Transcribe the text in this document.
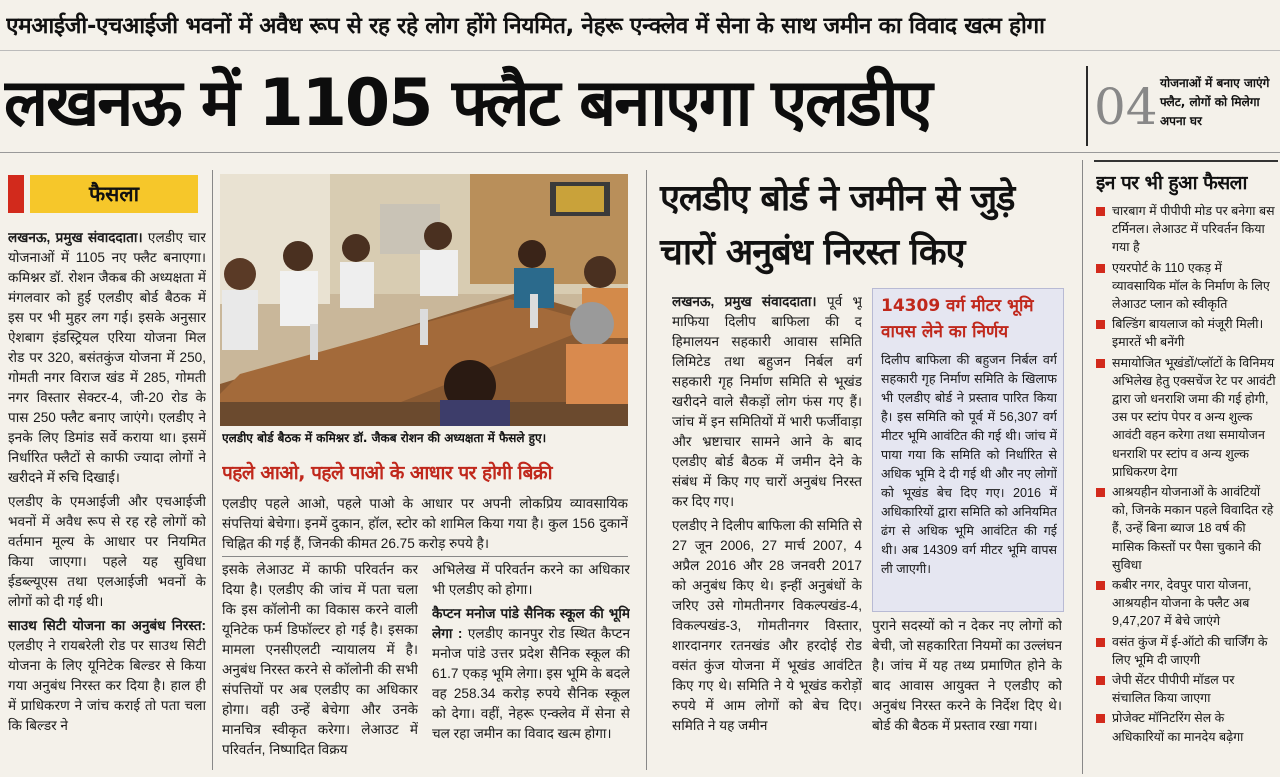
एमआईजी-एचआईजी भवनों में अवैध रूप से रह रहे लोग होंगे नियमित, नेहरू एन्क्लेव में सेना के साथ जमीन का विवाद खत्म होगा
लखनऊ में 1105 फ्लैट बनाएगा एलडीए	04 योजनाओं में बनाए जाएंगे फ्लैट, लोगों को मिलेगा अपना घर
फैसला
लखनऊ, प्रमुख संवाददाता। एलडीए चार योजनाओं में 1105 नए फ्लैट बनाएगा। कमिश्नर डॉ. रोशन जैकब की अध्यक्षता में मंगलवार को हुई एलडीए बोर्ड बैठक में इस पर भी मुहर लग गई। इसके अनुसार ऐशबाग इंडस्ट्रियल एरिया योजना मिल रोड पर 320, बसंतकुंज योजना में 250, गोमती नगर विराज खंड में 285, गोमती नगर विस्तार सेक्टर-4, जी-20 रोड के पास 250 फ्लैट बनाए जाएंगे। एलडीए ने इनके लिए डिमांड सर्वे कराया था। इसमें निर्धारित फ्लैटों से काफी ज्यादा लोगों ने खरीदने में रुचि दिखाई।
एलडीए के एमआईजी और एचआईजी भवनों में अवैध रूप से रह रहे लोगों को वर्तमान मूल्य के आधार पर नियमित किया जाएगा। पहले यह सुविधा ईडब्ल्यूएस तथा एलआईजी भवनों के लोगों को दी गई थी।
साउथ सिटी योजना का अनुबंध निरस्त: एलडीए ने रायबरेली रोड पर साउथ सिटी योजना के लिए यूनिटेक बिल्डर से किया गया अनुबंध निरस्त कर दिया है। हाल ही में प्राधिकरण ने जांच कराई तो पता चला कि बिल्डर ने
एलडीए बोर्ड बैठक में कमिश्नर डॉ. जैकब रोशन की अध्यक्षता में फैसले हुए।
पहले आओ, पहले पाओ के आधार पर होगी बिक्री
एलडीए पहले आओ, पहले पाओ के आधार पर अपनी लोकप्रिय व्यावसायिक संपत्तियां बेचेगा। इनमें दुकान, हॉल, स्टोर को शामिल किया गया है। कुल 156 दुकानें चिह्नित की गई हैं, जिनकी कीमत 26.75 करोड़ रुपये है।
इसके लेआउट में काफी परिवर्तन कर दिया है। एलडीए की जांच में पता चला कि इस कॉलोनी का विकास करने वाली यूनिटेक फर्म डिफॉल्टर हो गई है। इसका मामला एनसीएलटी न्यायालय में है। अनुबंध निरस्त करने से कॉलोनी की सभी संपत्तियों पर अब एलडीए का अधिकार होगा। वही उन्हें बेचेगा और उनके मानचित्र स्वीकृत करेगा। लेआउट में परिवर्तन, निष्पादित विक्रय
अभिलेख में परिवर्तन करने का अधिकार भी एलडीए को होगा।
कैप्टन मनोज पांडे सैनिक स्कूल की भूमि लेगा : एलडीए कानपुर रोड स्थित कैप्टन मनोज पांडे उत्तर प्रदेश सैनिक स्कूल की 61.7 एकड़ भूमि लेगा। इस भूमि के बदले वह 258.34 करोड़ रुपये सैनिक स्कूल को देगा। वहीं, नेहरू एन्क्लेव में सेना से चल रहा जमीन का विवाद खत्म होगा।
एलडीए बोर्ड ने जमीन से जुड़े चारों अनुबंध निरस्त किए
लखनऊ, प्रमुख संवाददाता। पूर्व भू माफिया दिलीप बाफिला की द हिमालयन सहकारी आवास समिति लिमिटेड तथा बहुजन निर्बल वर्ग सहकारी गृह निर्माण समिति से भूखंड खरीदने वाले सैकड़ों लोग फंस गए हैं। जांच में इन समितियों में भारी फर्जीवाड़ा और भ्रष्टाचार सामने आने के बाद एलडीए बोर्ड बैठक में जमीन देने के संबंध में किए गए चारों अनुबंध निरस्त कर दिए गए।
एलडीए ने दिलीप बाफिला की समिति से 27 जून 2006, 27 मार्च 2007, 4 अप्रैल 2016 और 28 जनवरी 2017 को अनुबंध किए थे। इन्हीं अनुबंधों के जरिए उसे गोमतीनगर विकल्पखंड-4, विकल्पखंड-3, गोमतीनगर विस्तार, शारदानगर रतनखंड और हरदोई रोड वसंत कुंज योजना में भूखंड आवंटित किए गए थे। समिति ने ये भूखंड करोड़ों रुपये में आम लोगों को बेच दिए। समिति ने यह जमीन
14309 वर्ग मीटर भूमि वापस लेने का निर्णय
दिलीप बाफिला की बहुजन निर्बल वर्ग सहकारी गृह निर्माण समिति के खिलाफ भी एलडीए बोर्ड ने प्रस्ताव पारित किया है। इस समिति को पूर्व में 56,307 वर्ग मीटर भूमि आवंटित की गई थी। जांच में पाया गया कि समिति को निर्धारित से अधिक भूमि दे दी गई थी और नए लोगों को भूखंड बेच दिए गए। 2016 में अधिकारियों द्वारा समिति को अनियमित ढंग से अधिक भूमि आवंटित की गई थी। अब 14309 वर्ग मीटर भूमि वापस ली जाएगी।
पुराने सदस्यों को न देकर नए लोगों को बेची, जो सहकारिता नियमों का उल्लंघन है। जांच में यह तथ्य प्रमाणित होने के बाद आवास आयुक्त ने एलडीए को अनुबंध निरस्त करने के निर्देश दिए थे। बोर्ड की बैठक में प्रस्ताव रखा गया।
इन पर भी हुआ फैसला
चारबाग में पीपीपी मोड पर बनेगा बस टर्मिनल। लेआउट में परिवर्तन किया गया है
एयरपोर्ट के 110 एकड़ में व्यावसायिक मॉल के निर्माण के लिए लेआउट प्लान को स्वीकृति
बिल्डिंग बायलाज को मंजूरी मिली। इमारतें भी बनेंगी
समायोजित भूखंडों/प्लॉटों के विनिमय अभिलेख हेतु एक्सचेंज रेट पर आवंटी द्वारा जो धनराशि जमा की गई होगी, उस पर स्टांप पेपर व अन्य शुल्क आवंटी वहन करेगा तथा समायोजन धनराशि पर स्टांप व अन्य शुल्क प्राधिकरण देगा
आश्रयहीन योजनाओं के आवंटियों को, जिनके मकान पहले विवादित रहे हैं, उन्हें बिना ब्याज 18 वर्ष की मासिक किस्तों पर पैसा चुकाने की सुविधा
कबीर नगर, देवपुर पारा योजना, आश्रयहीन योजना के फ्लैट अब 9,47,207 में बेचे जाएंगे
वसंत कुंज में ई-ऑटो की चार्जिंग के लिए भूमि दी जाएगी
जेपी सेंटर पीपीपी मॉडल पर संचालित किया जाएगा
प्रोजेक्ट मॉनिटरिंग सेल के अधिकारियों का मानदेय बढ़ेगा
